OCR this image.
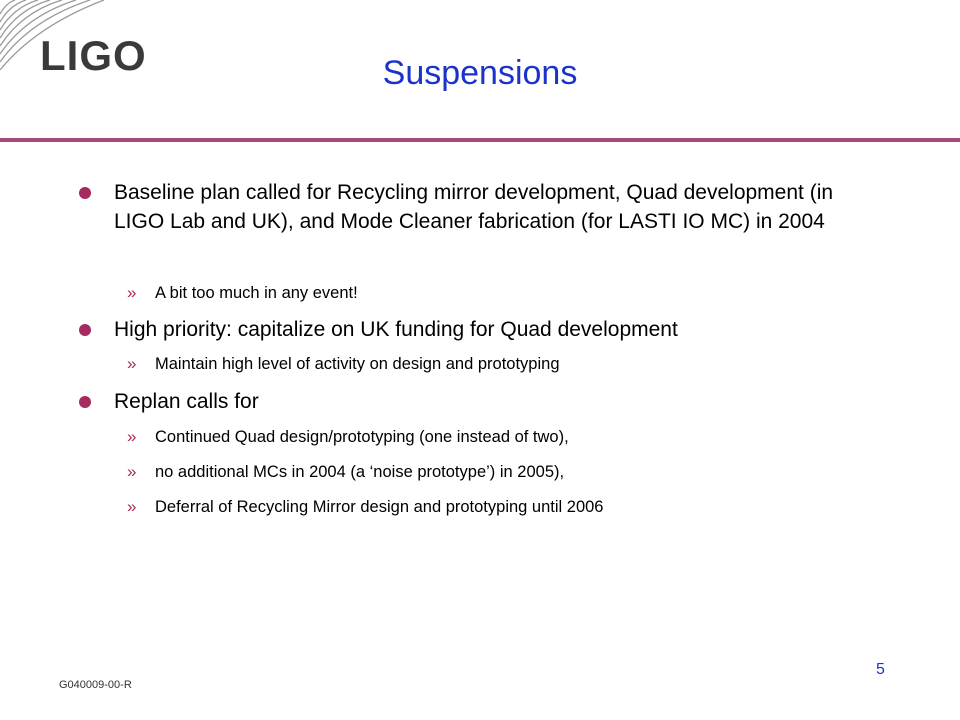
LIGO	Suspensions
Baseline plan called for Recycling mirror development, Quad development (in LIGO Lab and UK), and Mode Cleaner fabrication (for LASTI IO MC) in 2004
» A bit too much in any event!
High priority: capitalize on UK funding for Quad development
» Maintain high level of activity on design and prototyping
Replan calls for
» Continued Quad design/prototyping (one instead of two),
» no additional MCs in 2004 (a ‘noise prototype’) in 2005),
» Deferral of Recycling Mirror design and prototyping until 2006
G040009-00-R
5
